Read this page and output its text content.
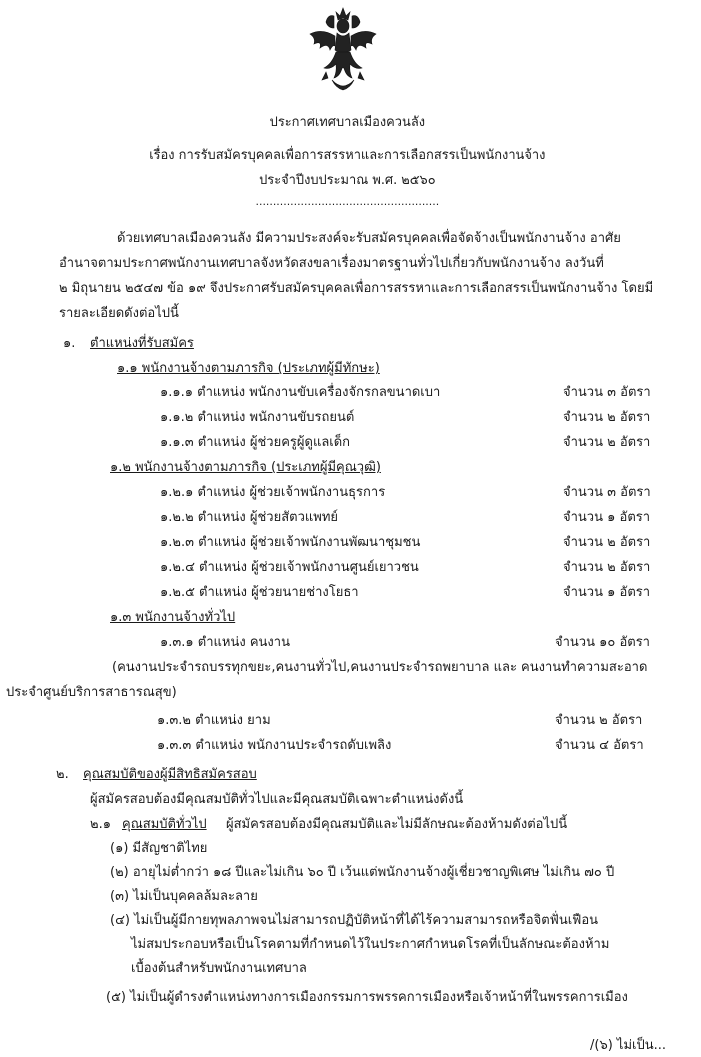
ประกาศเทศบาลเมืองควนลัง
เรื่อง การรับสมัครบุคคลเพื่อการสรรหาและการเลือกสรรเป็นพนักงานจ้าง
ประจำปีงบประมาณ พ.ศ. ๒๕๖๐
.....................................................
ด้วยเทศบาลเมืองควนลัง มีความประสงค์จะรับสมัครบุคคลเพื่อจัดจ้างเป็นพนักงานจ้าง อาศัย
อำนาจตามประกาศพนักงานเทศบาลจังหวัดสงขลาเรื่องมาตรฐานทั่วไปเกี่ยวกับพนักงานจ้าง ลงวันที่
๒ มิถุนายน ๒๕๔๗ ข้อ ๑๙ จึงประกาศรับสมัครบุคคลเพื่อการสรรหาและการเลือกสรรเป็นพนักงานจ้าง โดยมี
รายละเอียดดังต่อไปนี้
๑. ตำแหน่งที่รับสมัคร
๑.๑ พนักงานจ้างตามภารกิจ (ประเภทผู้มีทักษะ)
๑.๑.๑ ตำแหน่ง พนักงานขับเครื่องจักรกลขนาดเบา	จำนวน ๓ อัตรา
๑.๑.๒ ตำแหน่ง พนักงานขับรถยนต์	จำนวน ๒ อัตรา
๑.๑.๓ ตำแหน่ง ผู้ช่วยครูผู้ดูแลเด็ก	จำนวน ๒ อัตรา
๑.๒ พนักงานจ้างตามภารกิจ (ประเภทผู้มีคุณวุฒิ)
๑.๒.๑ ตำแหน่ง ผู้ช่วยเจ้าพนักงานธุรการ	จำนวน ๓ อัตรา
๑.๒.๒ ตำแหน่ง ผู้ช่วยสัตวแพทย์	จำนวน ๑ อัตรา
๑.๒.๓ ตำแหน่ง ผู้ช่วยเจ้าพนักงานพัฒนาชุมชน	จำนวน ๒ อัตรา
๑.๒.๔ ตำแหน่ง ผู้ช่วยเจ้าพนักงานศูนย์เยาวชน	จำนวน ๒ อัตรา
๑.๒.๕ ตำแหน่ง ผู้ช่วยนายช่างโยธา	จำนวน ๑ อัตรา
๑.๓ พนักงานจ้างทั่วไป
๑.๓.๑ ตำแหน่ง คนงาน	จำนวน ๑๐ อัตรา
(คนงานประจำรถบรรทุกขยะ,คนงานทั่วไป,คนงานประจำรถพยาบาล และ คนงานทำความสะอาด
ประจำศูนย์บริการสาธารณสุข)
๑.๓.๒ ตำแหน่ง ยาม	จำนวน ๒ อัตรา
๑.๓.๓ ตำแหน่ง พนักงานประจำรถดับเพลิง	จำนวน ๔ อัตรา
๒. คุณสมบัติของผู้มีสิทธิสมัครสอบ
ผู้สมัครสอบต้องมีคุณสมบัติทั่วไปและมีคุณสมบัติเฉพาะตำแหน่งดังนี้
๒.๑ คุณสมบัติทั่วไป ผู้สมัครสอบต้องมีคุณสมบัติและไม่มีลักษณะต้องห้ามดังต่อไปนี้
(๑) มีสัญชาติไทย
(๒) อายุไม่ต่ำกว่า ๑๘ ปีและไม่เกิน ๖๐ ปี เว้นแต่พนักงานจ้างผู้เชี่ยวชาญพิเศษ ไม่เกิน ๗๐ ปี
(๓) ไม่เป็นบุคคลล้มละลาย
(๔) ไม่เป็นผู้มีกายทุพลภาพจนไม่สามารถปฏิบัติหน้าที่ได้ไร้ความสามารถหรือจิตฟั่นเฟือน
ไม่สมประกอบหรือเป็นโรคตามที่กำหนดไว้ในประกาศกำหนดโรคที่เป็นลักษณะต้องห้าม
เบื้องต้นสำหรับพนักงานเทศบาล
(๕) ไม่เป็นผู้ดำรงตำแหน่งทางการเมืองกรรมการพรรคการเมืองหรือเจ้าหน้าที่ในพรรคการเมือง
/(๖) ไม่เป็น...
